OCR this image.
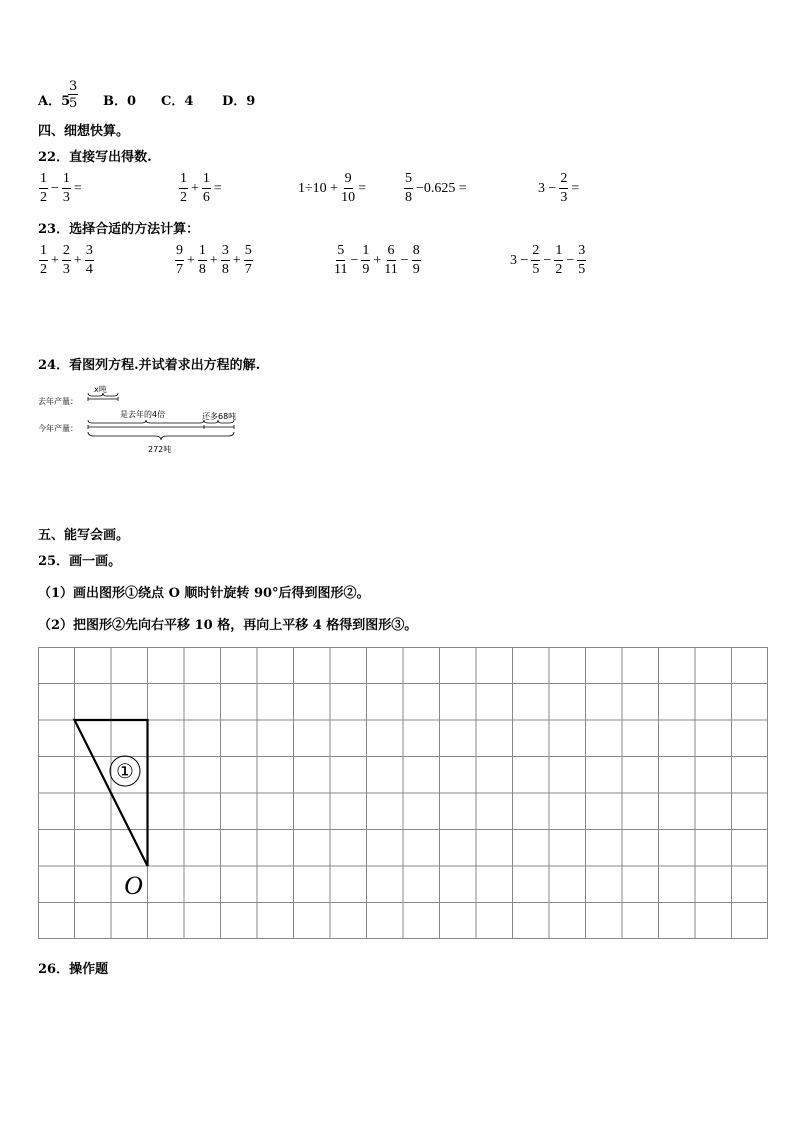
A．5
$\frac{3}{5}$ B．0 C．4 D．9
四、细想快算。
22．直接写出得数.
$\frac{1}{2} - \frac{1}{3}$ =	$\frac{1}{2} + \frac{1}{6}$ =	$1\div 10 + \frac{9}{10}$ =	$\frac{5}{8} -0.625$ =	$3 - \frac{2}{3}$ =
23．选择合适的方法计算：
$\frac{1}{2} + \frac{2}{3} + \frac{3}{4}$	$\frac{9}{7} + \frac{1}{8} + \frac{3}{8} + \frac{5}{7}$	$\frac{5}{11} - \frac{1}{9} + \frac{6}{11} - \frac{8}{9}$	$3 - \frac{2}{5} - \frac{1}{2} - \frac{3}{5}$
24．看图列方程.并试着求出方程的解.
去年产量：
x吨
今年产量：
是去年的4倍	还多68吨
272吨
五、能写会画。
25．画一画。
（1）画出图形①绕点 O 顺时针旋转 90°后得到图形②。
（2）把图形②先向右平移 10 格，再向上平移 4 格得到图形③。
①
O
26．操作题
